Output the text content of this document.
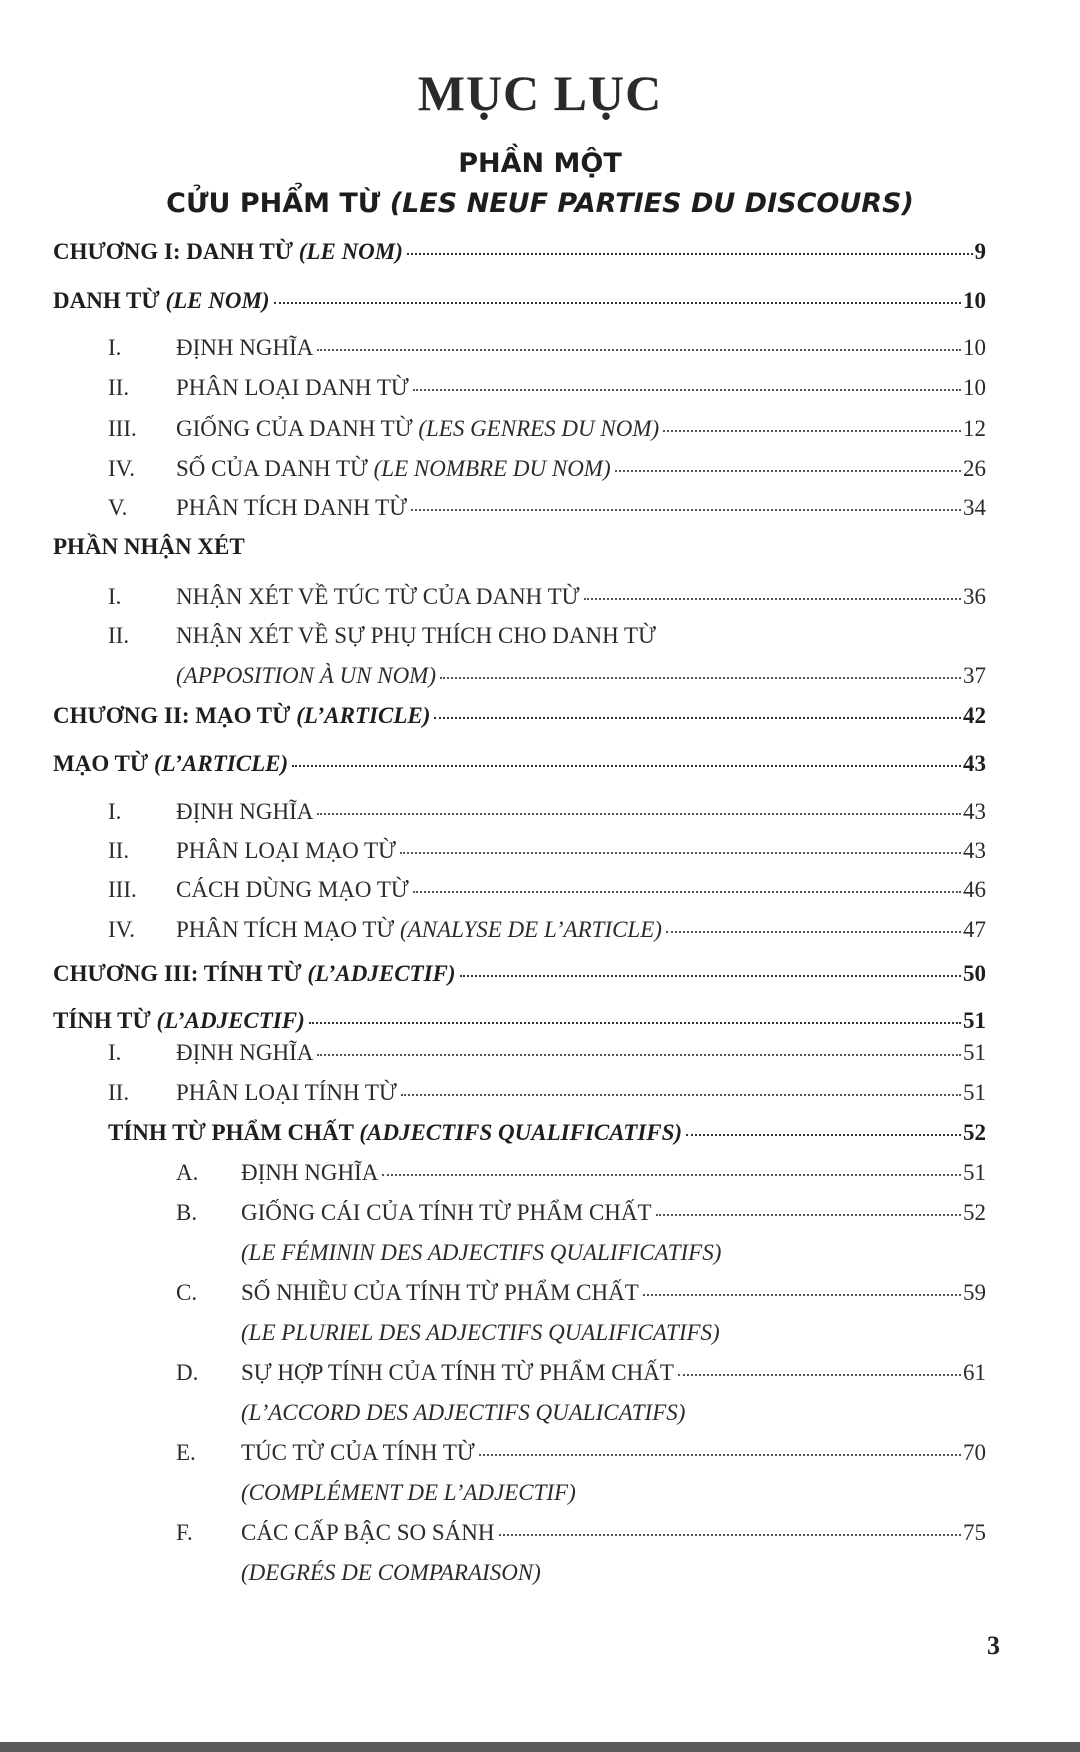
MỤC LỤC
PHẦN MỘT
CỬU PHẨM TỪ (LES NEUF PARTIES DU DISCOURS)
CHƯƠNG I: DANH TỪ (LE NOM)	9
DANH TỪ (LE NOM)	10
I.	ĐỊNH NGHĨA	10
II.	PHÂN LOẠI DANH TỪ	10
III.	GIỐNG CỦA DANH TỪ (LES GENRES DU NOM)	12
IV.	SỐ CỦA DANH TỪ (LE NOMBRE DU NOM)	26
V.	PHÂN TÍCH DANH TỪ	34
PHẦN NHẬN XÉT
I.	NHẬN XÉT VỀ TÚC TỪ CỦA DANH TỪ	36
II.	NHẬN XÉT VỀ SỰ PHỤ THÍCH CHO DANH TỪ
(APPOSITION À UN NOM)	37
CHƯƠNG II: MẠO TỪ (L’ARTICLE)	42
MẠO TỪ (L’ARTICLE)	43
I.	ĐỊNH NGHĨA	43
II.	PHÂN LOẠI MẠO TỪ	43
III.	CÁCH DÙNG MẠO TỪ	46
IV.	PHÂN TÍCH MẠO TỪ (ANALYSE DE L’ARTICLE)	47
CHƯƠNG III: TÍNH TỪ (L’ADJECTIF)	50
TÍNH TỪ (L’ADJECTIF)	51
I.	ĐỊNH NGHĨA	51
II.	PHÂN LOẠI TÍNH TỪ	51
TÍNH TỪ PHẨM CHẤT (ADJECTIFS QUALIFICATIFS)	52
A.	ĐỊNH NGHĨA	51
B.	GIỐNG CÁI CỦA TÍNH TỪ PHẨM CHẤT	52
(LE FÉMININ DES ADJECTIFS QUALIFICATIFS)
C.	SỐ NHIỀU CỦA TÍNH TỪ PHẨM CHẤT	59
(LE PLURIEL DES ADJECTIFS QUALIFICATIFS)
D.	SỰ HỢP TÍNH CỦA TÍNH TỪ PHẨM CHẤT	61
(L’ACCORD DES ADJECTIFS QUALICATIFS)
E.	TÚC TỪ CỦA TÍNH TỪ	70
(COMPLÉMENT DE L’ADJECTIF)
F.	CÁC CẤP BẬC SO SÁNH	75
(DEGRÉS DE COMPARAISON)
3
